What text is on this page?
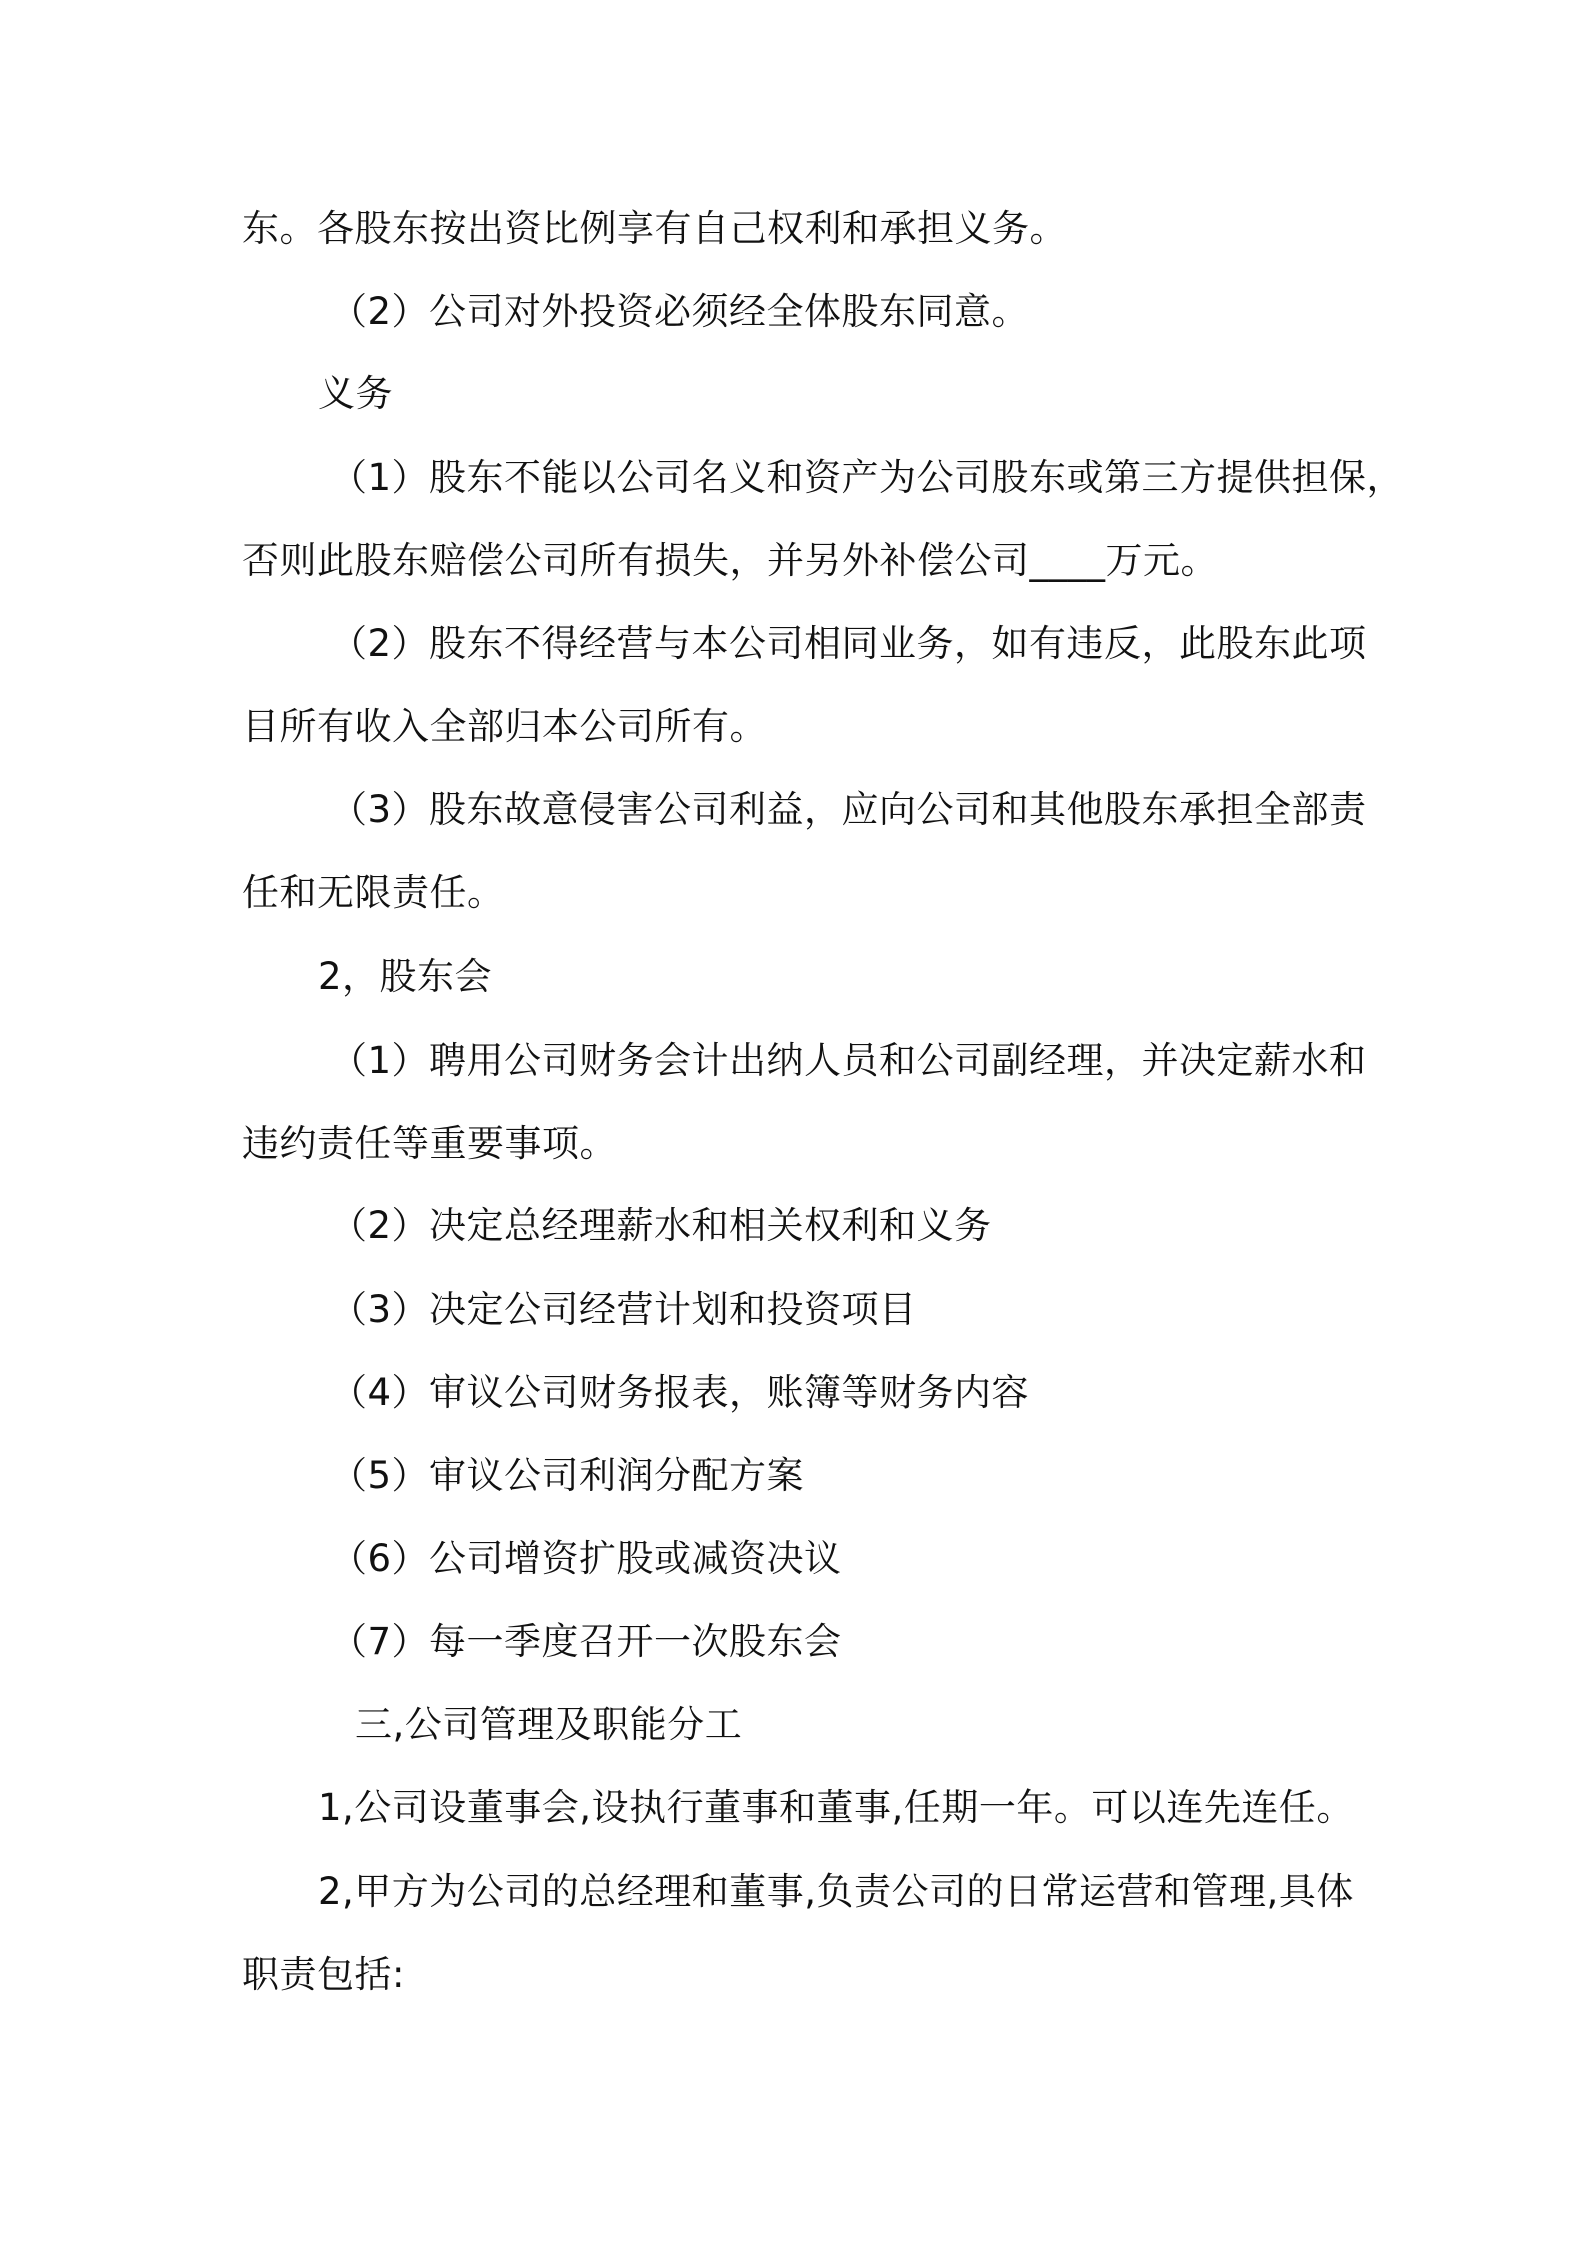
东。各股东按出资比例享有自己权利和承担义务。
（2）公司对外投资必须经全体股东同意。
义务
（1）股东不能以公司名义和资产为公司股东或第三方提供担保，
否则此股东赔偿公司所有损失，并另外补偿公司____万元。
（2）股东不得经营与本公司相同业务，如有违反，此股东此项
目所有收入全部归本公司所有。
（3）股东故意侵害公司利益，应向公司和其他股东承担全部责
任和无限责任。
2，股东会
（1）聘用公司财务会计出纳人员和公司副经理，并决定薪水和
违约责任等重要事项。
（2）决定总经理薪水和相关权利和义务
（3）决定公司经营计划和投资项目
（4）审议公司财务报表，账簿等财务内容
（5）审议公司利润分配方案
（6）公司增资扩股或减资决议
（7）每一季度召开一次股东会
三,公司管理及职能分工
1,公司设董事会,设执行董事和董事,任期一年。可以连先连任。
2,甲方为公司的总经理和董事,负责公司的日常运营和管理,具体
职责包括:
